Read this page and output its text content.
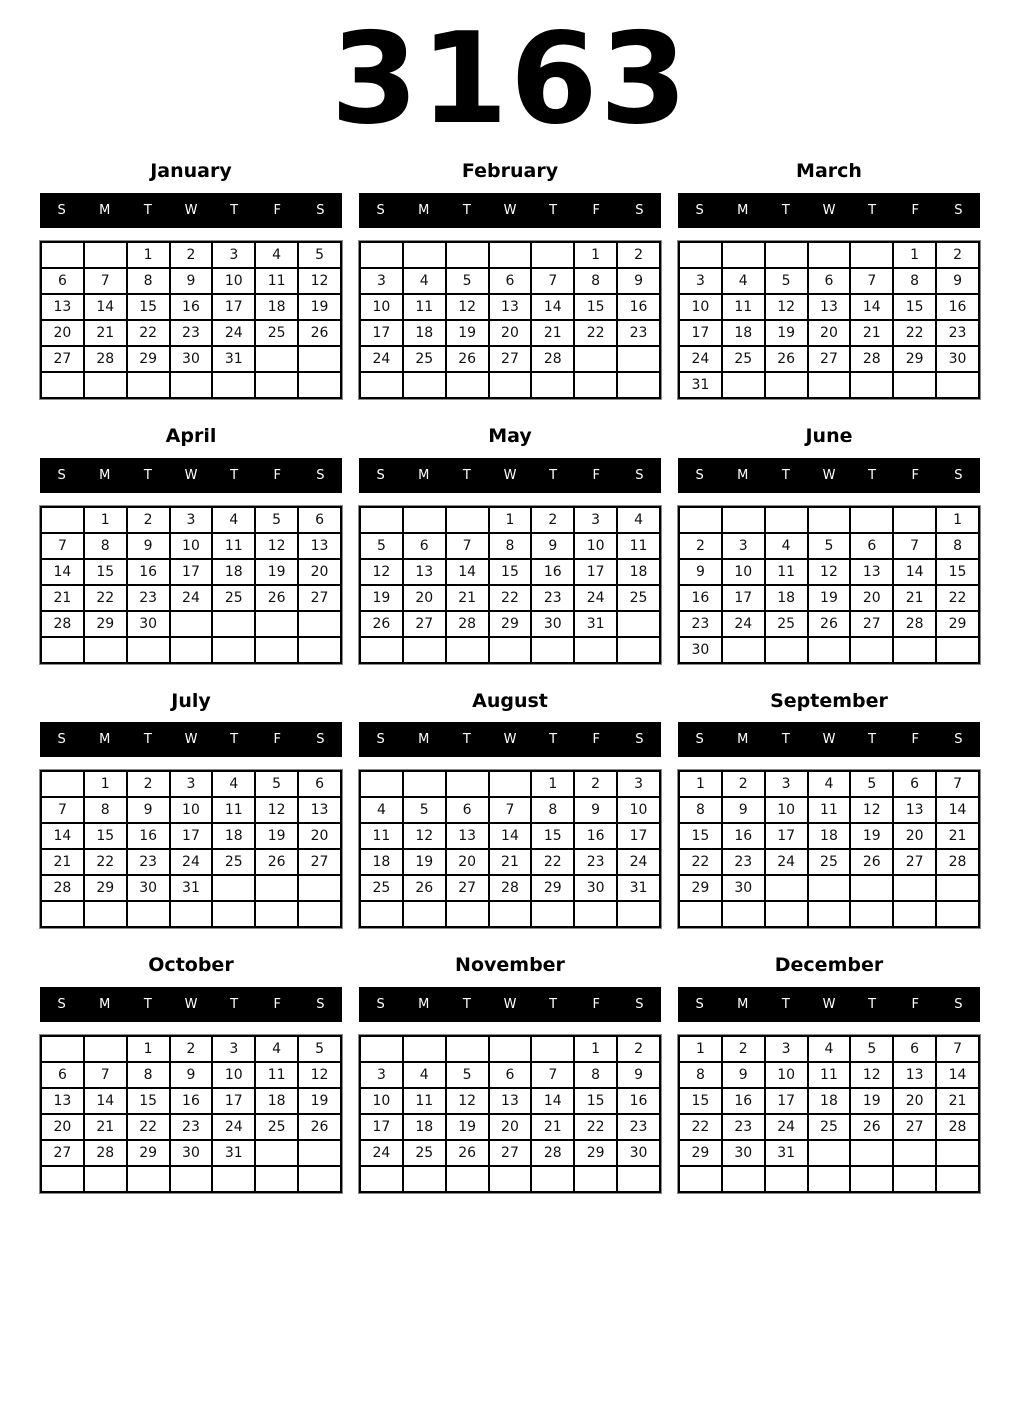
3163
January
S	M	T	W	T	F	S
		1	2	3	4	5
6	7	8	9	10	11	12
13	14	15	16	17	18	19
20	21	22	23	24	25	26
27	28	29	30	31		

February
S	M	T	W	T	F	S
					1	2
3	4	5	6	7	8	9
10	11	12	13	14	15	16
17	18	19	20	21	22	23
24	25	26	27	28		

March
S	M	T	W	T	F	S
					1	2
3	4	5	6	7	8	9
10	11	12	13	14	15	16
17	18	19	20	21	22	23
24	25	26	27	28	29	30
31						
April
S	M	T	W	T	F	S
	1	2	3	4	5	6
7	8	9	10	11	12	13
14	15	16	17	18	19	20
21	22	23	24	25	26	27
28	29	30				

May
S	M	T	W	T	F	S
			1	2	3	4
5	6	7	8	9	10	11
12	13	14	15	16	17	18
19	20	21	22	23	24	25
26	27	28	29	30	31	

June
S	M	T	W	T	F	S
						1
2	3	4	5	6	7	8
9	10	11	12	13	14	15
16	17	18	19	20	21	22
23	24	25	26	27	28	29
30						
July
S	M	T	W	T	F	S
	1	2	3	4	5	6
7	8	9	10	11	12	13
14	15	16	17	18	19	20
21	22	23	24	25	26	27
28	29	30	31			

August
S	M	T	W	T	F	S
				1	2	3
4	5	6	7	8	9	10
11	12	13	14	15	16	17
18	19	20	21	22	23	24
25	26	27	28	29	30	31

September
S	M	T	W	T	F	S
1	2	3	4	5	6	7
8	9	10	11	12	13	14
15	16	17	18	19	20	21
22	23	24	25	26	27	28
29	30					

October
S	M	T	W	T	F	S
		1	2	3	4	5
6	7	8	9	10	11	12
13	14	15	16	17	18	19
20	21	22	23	24	25	26
27	28	29	30	31		

November
S	M	T	W	T	F	S
					1	2
3	4	5	6	7	8	9
10	11	12	13	14	15	16
17	18	19	20	21	22	23
24	25	26	27	28	29	30

December
S	M	T	W	T	F	S
1	2	3	4	5	6	7
8	9	10	11	12	13	14
15	16	17	18	19	20	21
22	23	24	25	26	27	28
29	30	31				
